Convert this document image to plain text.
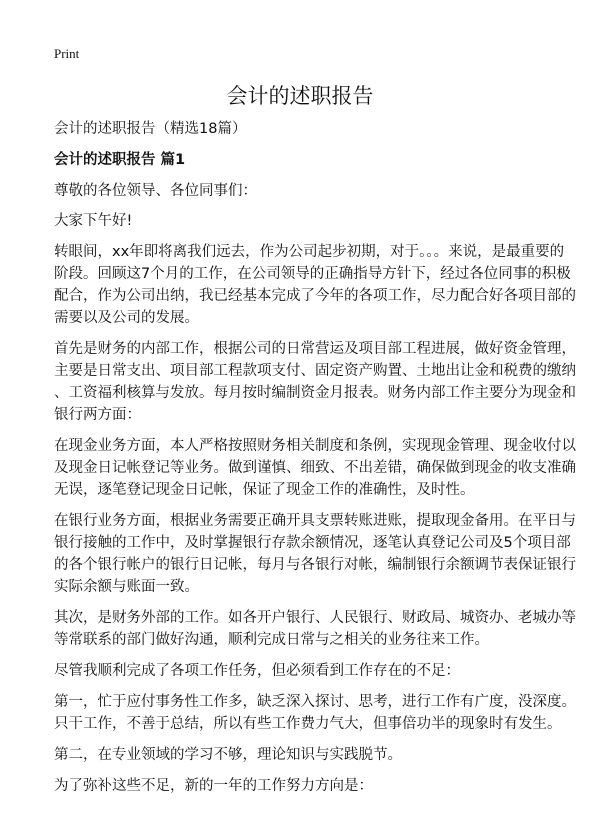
Print
会计的述职报告

会计的述职报告（精选18篇）

会计的述职报告 篇1

尊敬的各位领导、各位同事们：

大家下午好!

转眼间，xx年即将离我们远去，作为公司起步初期，对于。。。来说，是最重要的
阶段。回顾这7个月的工作，在公司领导的正确指导方针下，经过各位同事的积极
配合，作为公司出纳，我已经基本完成了今年的各项工作，尽力配合好各项目部的
需要以及公司的发展。

首先是财务的内部工作，根据公司的日常营运及项目部工程进展，做好资金管理，
主要是日常支出、项目部工程款项支付、固定资产购置、土地出让金和税费的缴纳
、工资福利核算与发放。每月按时编制资金月报表。财务内部工作主要分为现金和
银行两方面：

在现金业务方面，本人严格按照财务相关制度和条例，实现现金管理、现金收付以
及现金日记帐登记等业务。做到谨慎、细致、不出差错，确保做到现金的收支准确
无误，逐笔登记现金日记帐，保证了现金工作的准确性，及时性。

在银行业务方面，根据业务需要正确开具支票转账进账，提取现金备用。在平日与
银行接触的工作中，及时掌握银行存款余额情况，逐笔认真登记公司及5个项目部
的各个银行帐户的银行日记帐，每月与各银行对帐，编制银行余额调节表保证银行
实际余额与账面一致。

其次，是财务外部的工作。如各开户银行、人民银行、财政局、城资办、老城办等
等常联系的部门做好沟通，顺利完成日常与之相关的业务往来工作。

尽管我顺利完成了各项工作任务，但必须看到工作存在的不足：

第一，忙于应付事务性工作多，缺乏深入探讨、思考，进行工作有广度，没深度。
只干工作，不善于总结，所以有些工作费力气大，但事倍功半的现象时有发生。

第二，在专业领域的学习不够，理论知识与实践脱节。

为了弥补这些不足，新的一年的工作努力方向是：
